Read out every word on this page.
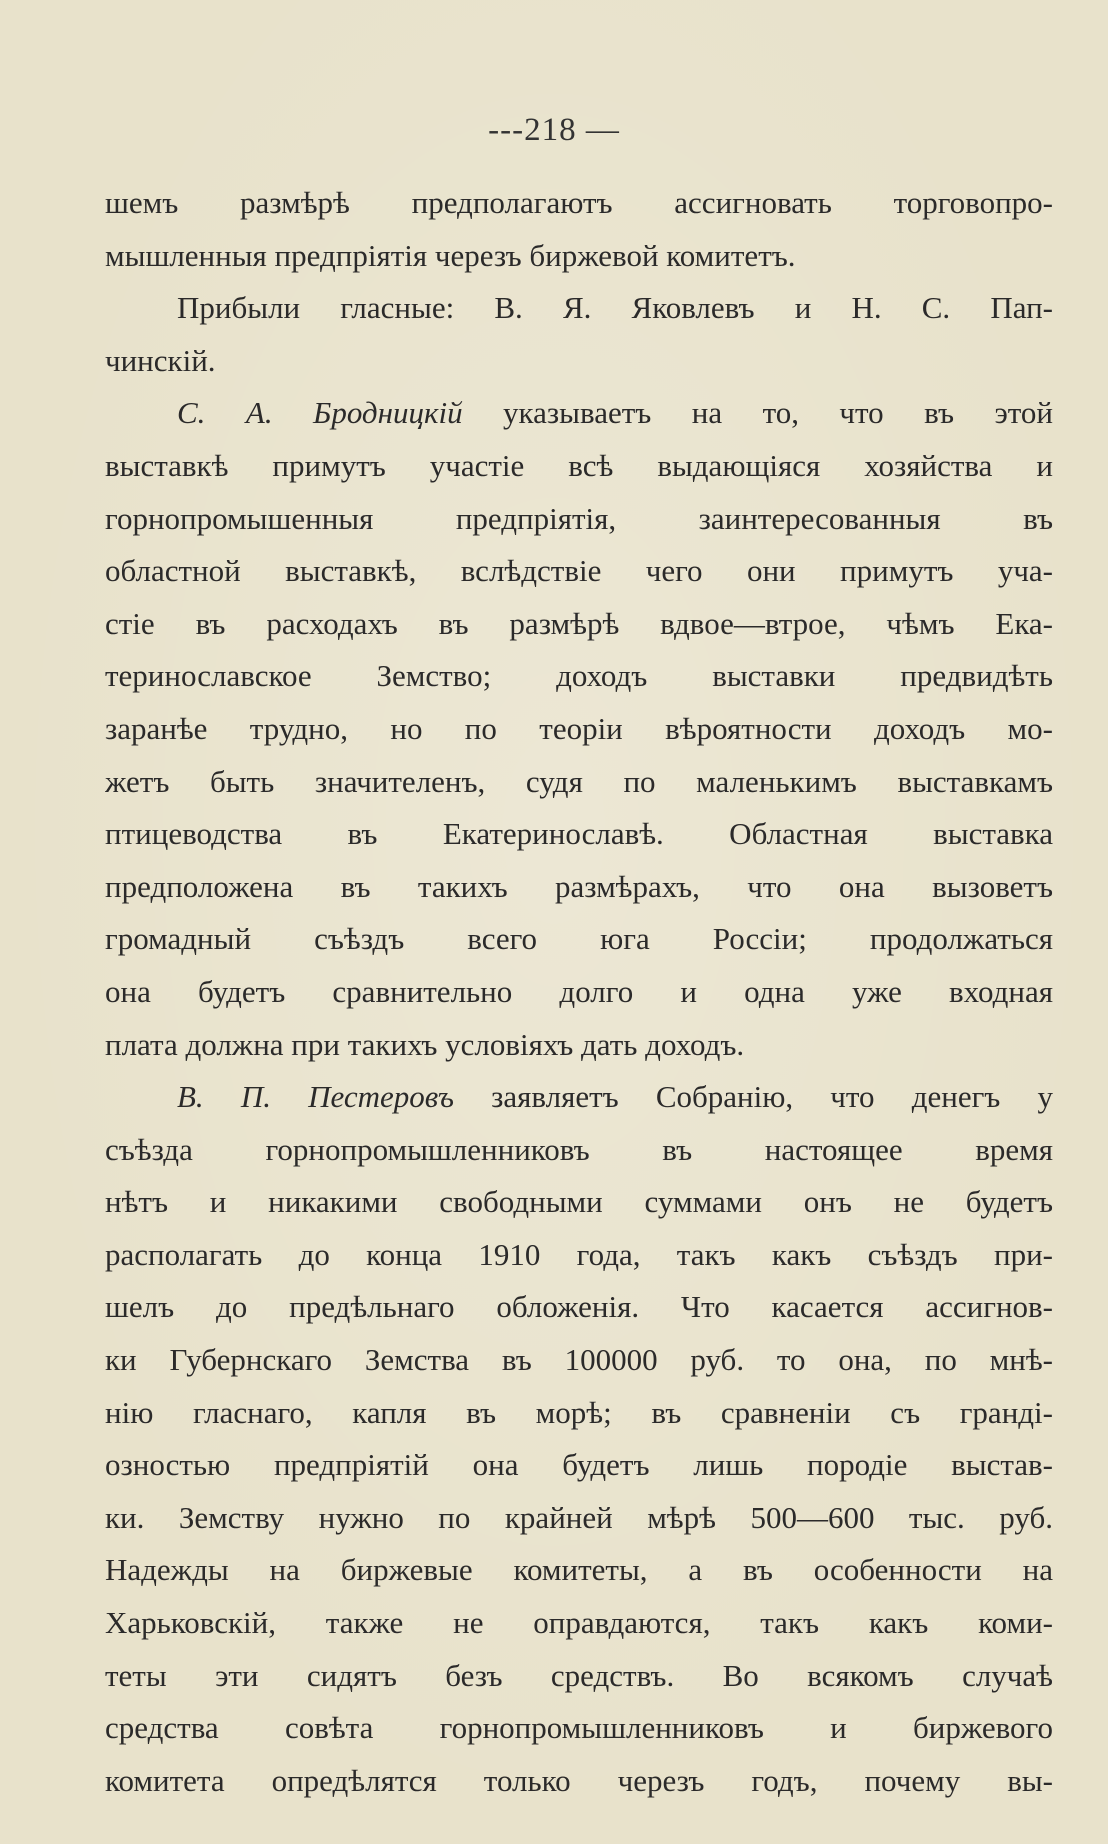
---218 —
шемъ размѣрѣ предполагаютъ ассигновать торговопро-
мышленныя предпріятія черезъ биржевой комитетъ.
Прибыли гласные: В. Я. Яковлевъ и Н. С. Пап-
чинскій.
С. А. Бродницкій указываетъ на то, что въ этой
выставкѣ примутъ участіе всѣ выдающіяся хозяйства и
горнопромышенныя предпріятія, заинтересованныя въ
областной выставкѣ, вслѣдствіе чего они примутъ уча-
стіе въ расходахъ въ размѣрѣ вдвое—втрое, чѣмъ Ека-
теринославское Земство; доходъ выставки предвидѣть
заранѣе трудно, но по теоріи вѣроятности доходъ мо-
жетъ быть значителенъ, судя по маленькимъ выставкамъ
птицеводства въ Екатеринославѣ. Областная выставка
предположена въ такихъ размѣрахъ, что она вызоветъ
громадный съѣздъ всего юга Россіи; продолжаться
она будетъ сравнительно долго и одна уже входная
плата должна при такихъ условіяхъ дать доходъ.
В. П. Пестеровъ заявляетъ Собранію, что денегъ у
съѣзда горнопромышленниковъ въ настоящее время
нѣтъ и никакими свободными суммами онъ не будетъ
располагать до конца 1910 года, такъ какъ съѣздъ при-
шелъ до предѣльнаго обложенія. Что касается ассигнов-
ки Губернскаго Земства въ 100000 руб. то она, по мнѣ-
нію гласнаго, капля въ морѣ; въ сравненіи съ гранді-
озностью предпріятій она будетъ лишь породіе выстав-
ки. Земству нужно по крайней мѣрѣ 500—600 тыс. руб.
Надежды на биржевые комитеты, а въ особенности на
Харьковскій, также не оправдаются, такъ какъ коми-
теты эти сидятъ безъ средствъ. Во всякомъ случаѣ
средства совѣта горнопромышленниковъ и биржевого
комитета опредѣлятся только черезъ годъ, почему вы-
